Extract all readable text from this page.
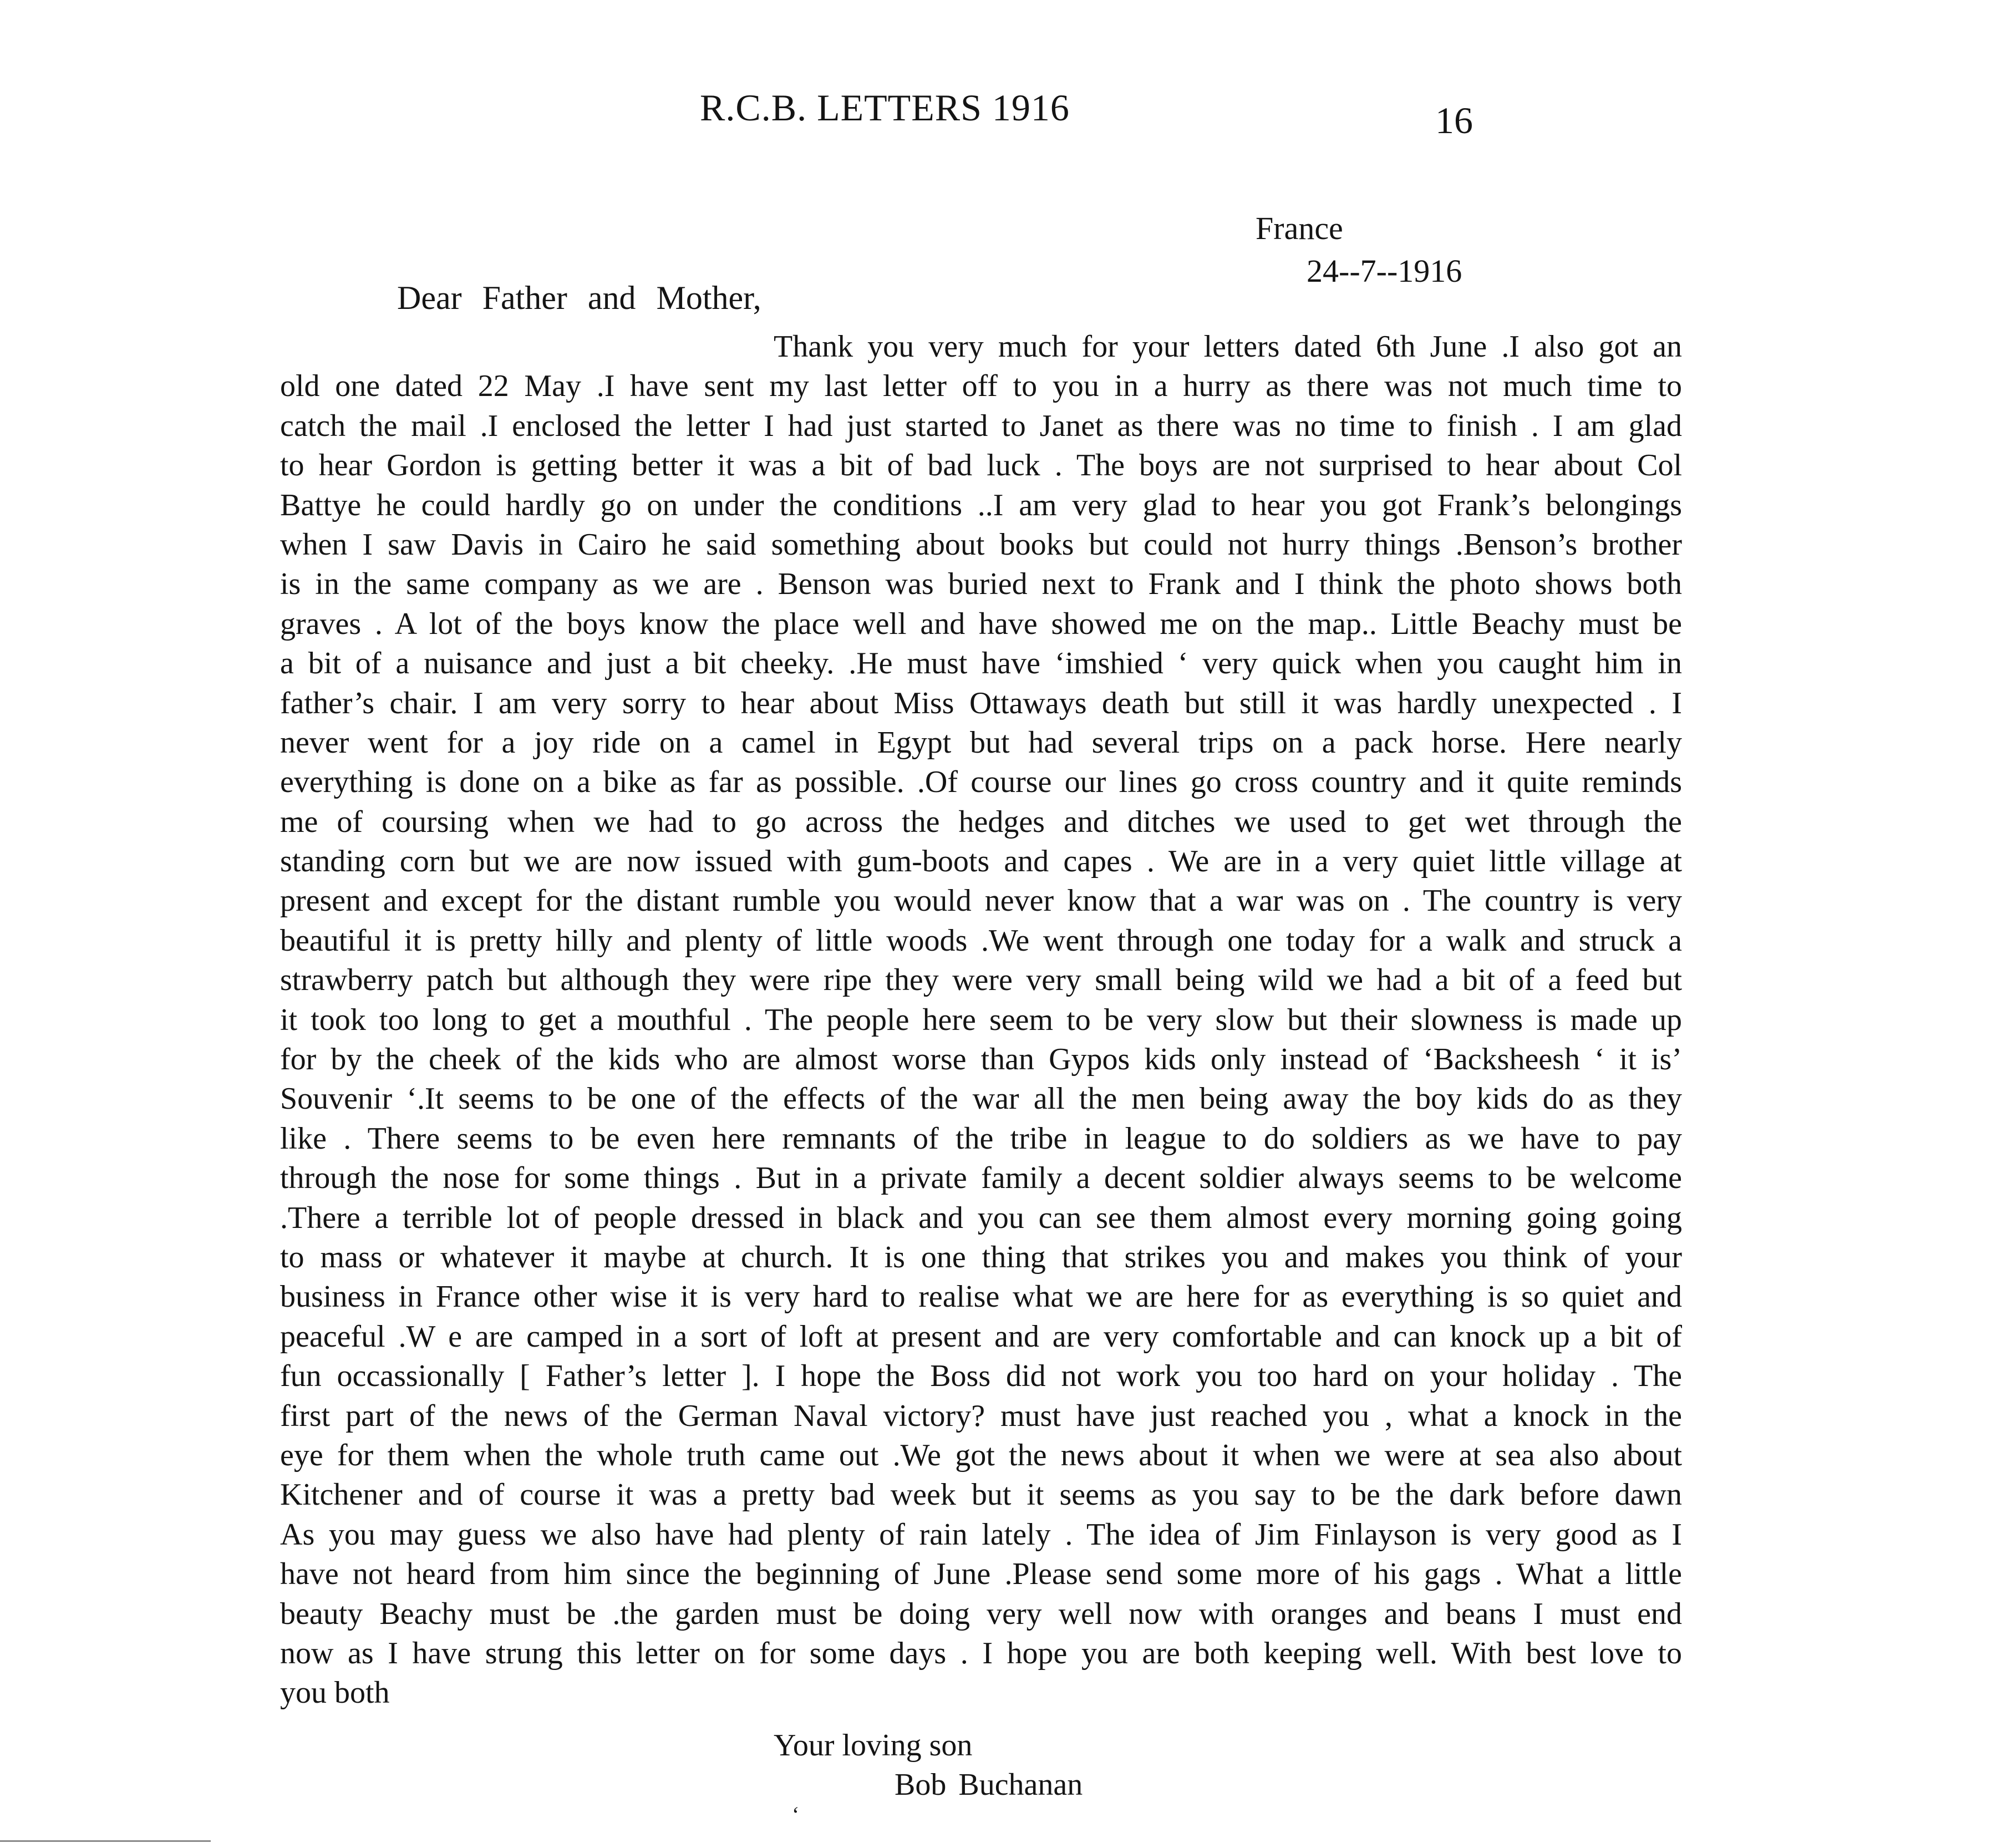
R.C.B. LETTERS 1916	16
France
24--7--1916
Dear Father and Mother,
Thank you very much for your letters dated 6th June .I also got an
old one dated 22 May .I have sent my last letter off to you in a hurry as there was not much time to
catch the mail .I enclosed the letter I had just started to Janet as there was no time to finish . I am glad
to hear Gordon is getting better it was a bit of bad luck . The boys are not surprised to hear about Col
Battye he could hardly go on under the conditions ..I am very glad to hear you got Frank’s belongings
when I saw Davis in Cairo he said something about books but could not hurry things .Benson’s brother
is in the same company as we are . Benson was buried next to Frank and I think the photo shows both
graves . A lot of the boys know the place well and have showed me on the map.. Little Beachy must be
a bit of a nuisance and just a bit cheeky. .He must have ‘imshied ‘ very quick when you caught him in
father’s chair. I am very sorry to hear about Miss Ottaways death but still it was hardly unexpected . I
never went for a joy ride on a camel in Egypt but had several trips on a pack horse. Here nearly
everything is done on a bike as far as possible. .Of course our lines go cross country and it quite reminds
me of coursing when we had to go across the hedges and ditches we used to get wet through the
standing corn but we are now issued with gum-boots and capes . We are in a very quiet little village at
present and except for the distant rumble you would never know that a war was on . The country is very
beautiful it is pretty hilly and plenty of little woods .We went through one today for a walk and struck a
strawberry patch but although they were ripe they were very small being wild we had a bit of a feed but
it took too long to get a mouthful . The people here seem to be very slow but their slowness is made up
for by the cheek of the kids who are almost worse than Gypos kids only instead of ‘Backsheesh ‘ it is’
Souvenir ‘.It seems to be one of the effects of the war all the men being away the boy kids do as they
like . There seems to be even here remnants of the tribe in league to do soldiers as we have to pay
through the nose for some things . But in a private family a decent soldier always seems to be welcome
.There a terrible lot of people dressed in black and you can see them almost every morning going going
to mass or whatever it maybe at church. It is one thing that strikes you and makes you think of your
business in France other wise it is very hard to realise what we are here for as everything is so quiet and
peaceful .W e are camped in a sort of loft at present and are very comfortable and can knock up a bit of
fun occassionally [ Father’s letter ]. I hope the Boss did not work you too hard on your holiday . The
first part of the news of the German Naval victory? must have just reached you , what a knock in the
eye for them when the whole truth came out .We got the news about it when we were at sea also about
Kitchener and of course it was a pretty bad week but it seems as you say to be the dark before dawn
As you may guess we also have had plenty of rain lately . The idea of Jim Finlayson is very good as I
have not heard from him since the beginning of June .Please send some more of his gags . What a little
beauty Beachy must be .the garden must be doing very well now with oranges and beans I must end
now as I have strung this letter on for some days . I hope you are both keeping well. With best love to
you both
Your loving son
Bob Buchanan
‘
